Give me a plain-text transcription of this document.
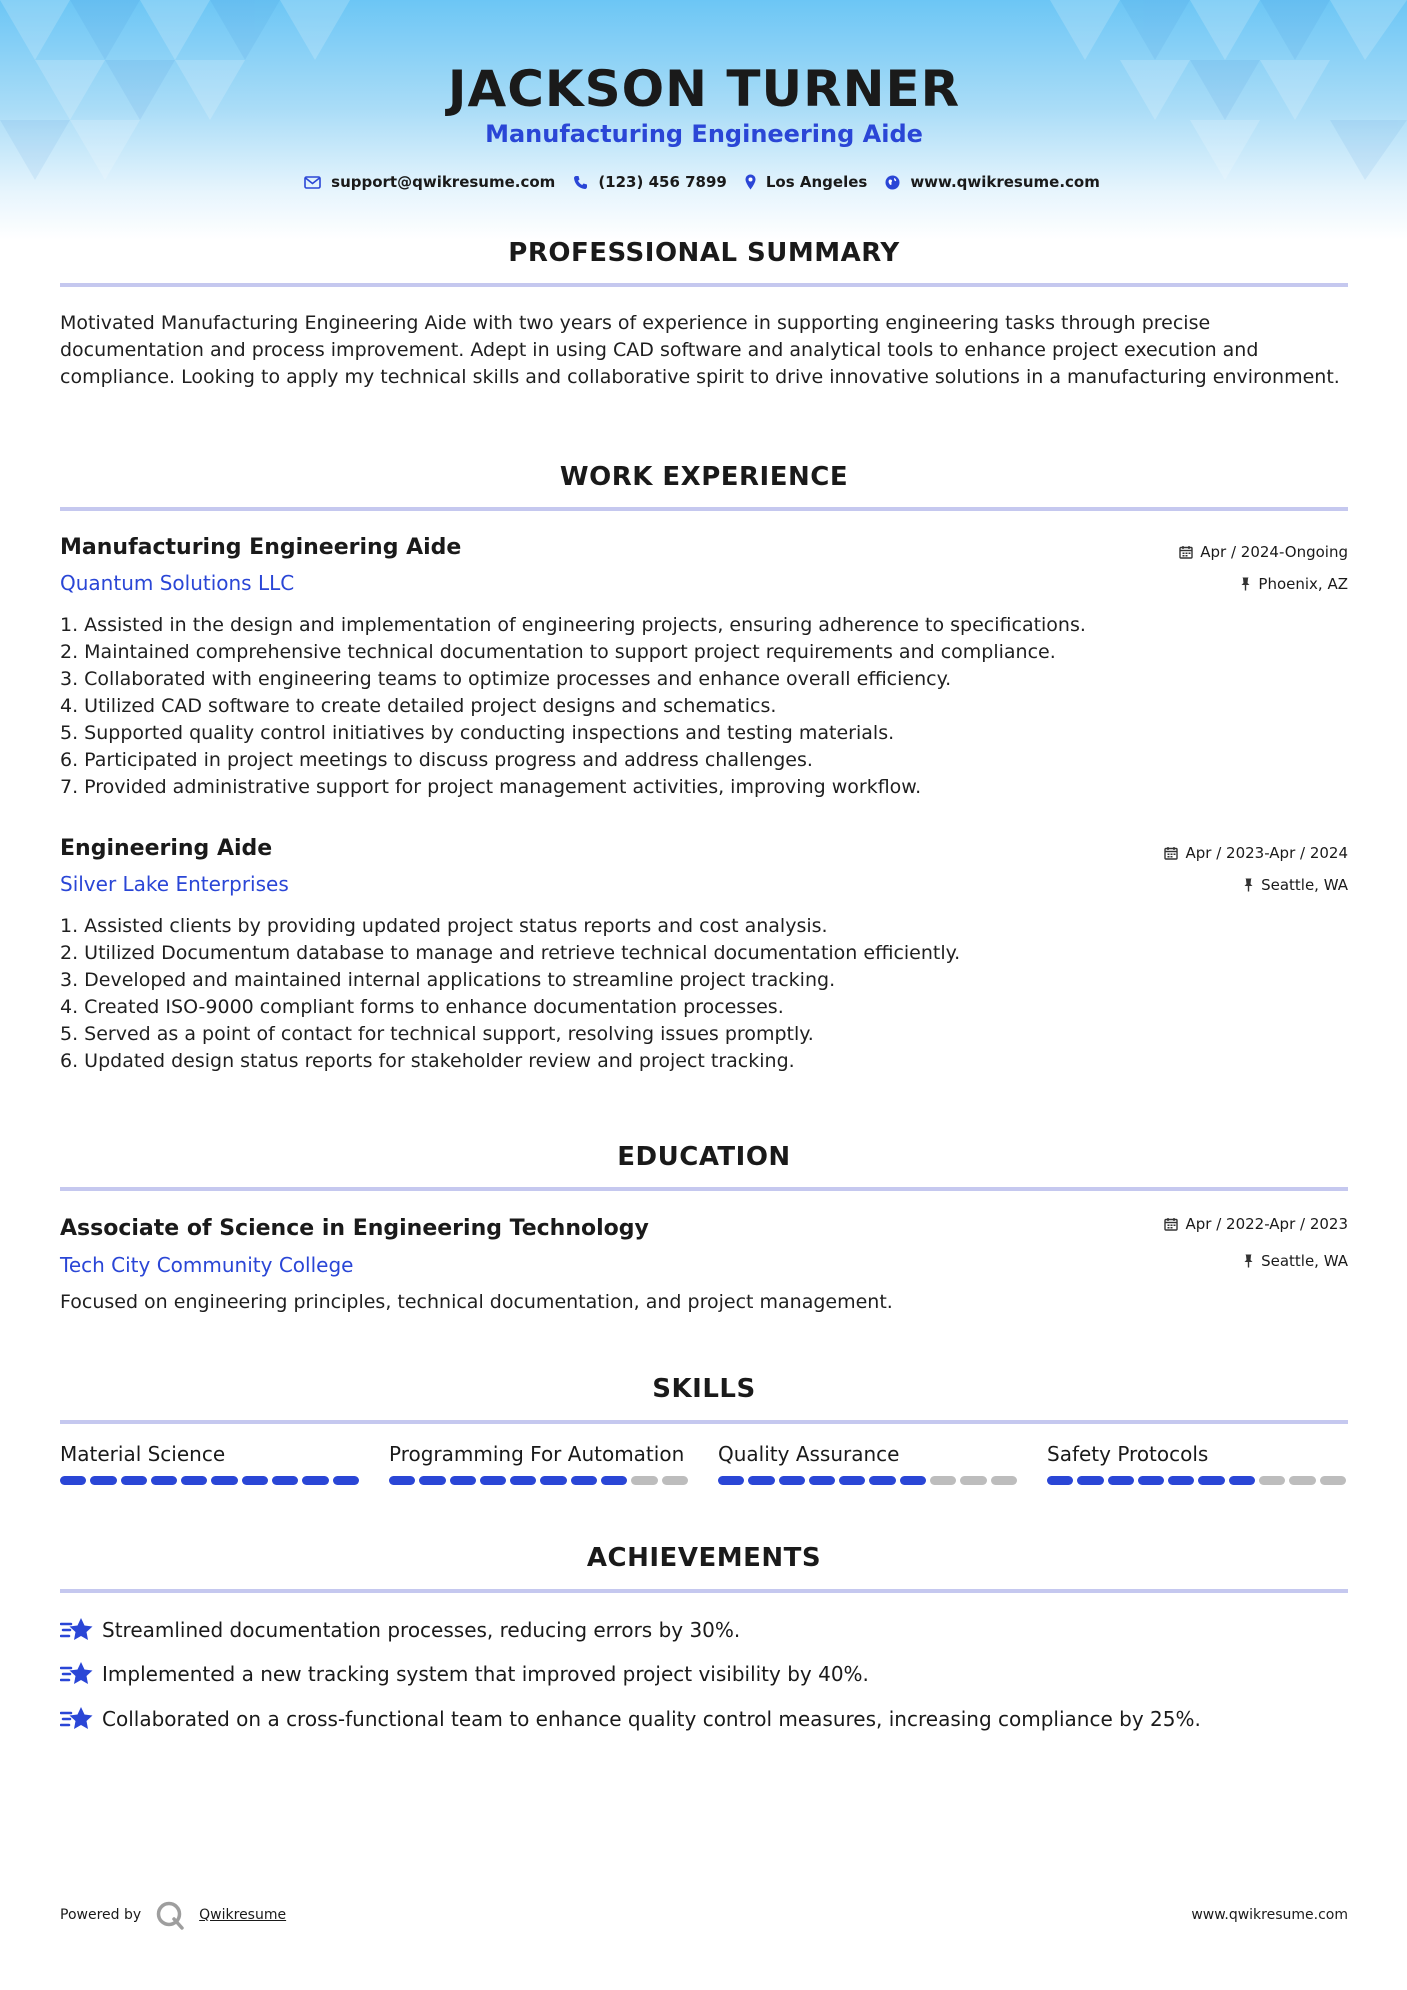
JACKSON TURNER
Manufacturing Engineering Aide
support@qwikresume.com	(123) 456 7899	Los Angeles	www.qwikresume.com
PROFESSIONAL SUMMARY
Motivated Manufacturing Engineering Aide with two years of experience in supporting engineering tasks through precise documentation and process improvement. Adept in using CAD software and analytical tools to enhance project execution and compliance. Looking to apply my technical skills and collaborative spirit to drive innovative solutions in a manufacturing environment.
WORK EXPERIENCE
Manufacturing Engineering Aide
Quantum Solutions LLC
Apr / 2024-Ongoing
Phoenix, AZ
1. Assisted in the design and implementation of engineering projects, ensuring adherence to specifications.
2. Maintained comprehensive technical documentation to support project requirements and compliance.
3. Collaborated with engineering teams to optimize processes and enhance overall efficiency.
4. Utilized CAD software to create detailed project designs and schematics.
5. Supported quality control initiatives by conducting inspections and testing materials.
6. Participated in project meetings to discuss progress and address challenges.
7. Provided administrative support for project management activities, improving workflow.
Engineering Aide
Silver Lake Enterprises
Apr / 2023-Apr / 2024
Seattle, WA
1. Assisted clients by providing updated project status reports and cost analysis.
2. Utilized Documentum database to manage and retrieve technical documentation efficiently.
3. Developed and maintained internal applications to streamline project tracking.
4. Created ISO-9000 compliant forms to enhance documentation processes.
5. Served as a point of contact for technical support, resolving issues promptly.
6. Updated design status reports for stakeholder review and project tracking.
EDUCATION
Associate of Science in Engineering Technology
Tech City Community College
Apr / 2022-Apr / 2023
Seattle, WA
Focused on engineering principles, technical documentation, and project management.
SKILLS
Material Science	Programming For Automation Quality Assurance	Safety Protocols
ACHIEVEMENTS
Streamlined documentation processes, reducing errors by 30%.
Implemented a new tracking system that improved project visibility by 40%.
Collaborated on a cross-functional team to enhance quality control measures, increasing compliance by 25%.
Powered by	Qwikresume	www.qwikresume.com
